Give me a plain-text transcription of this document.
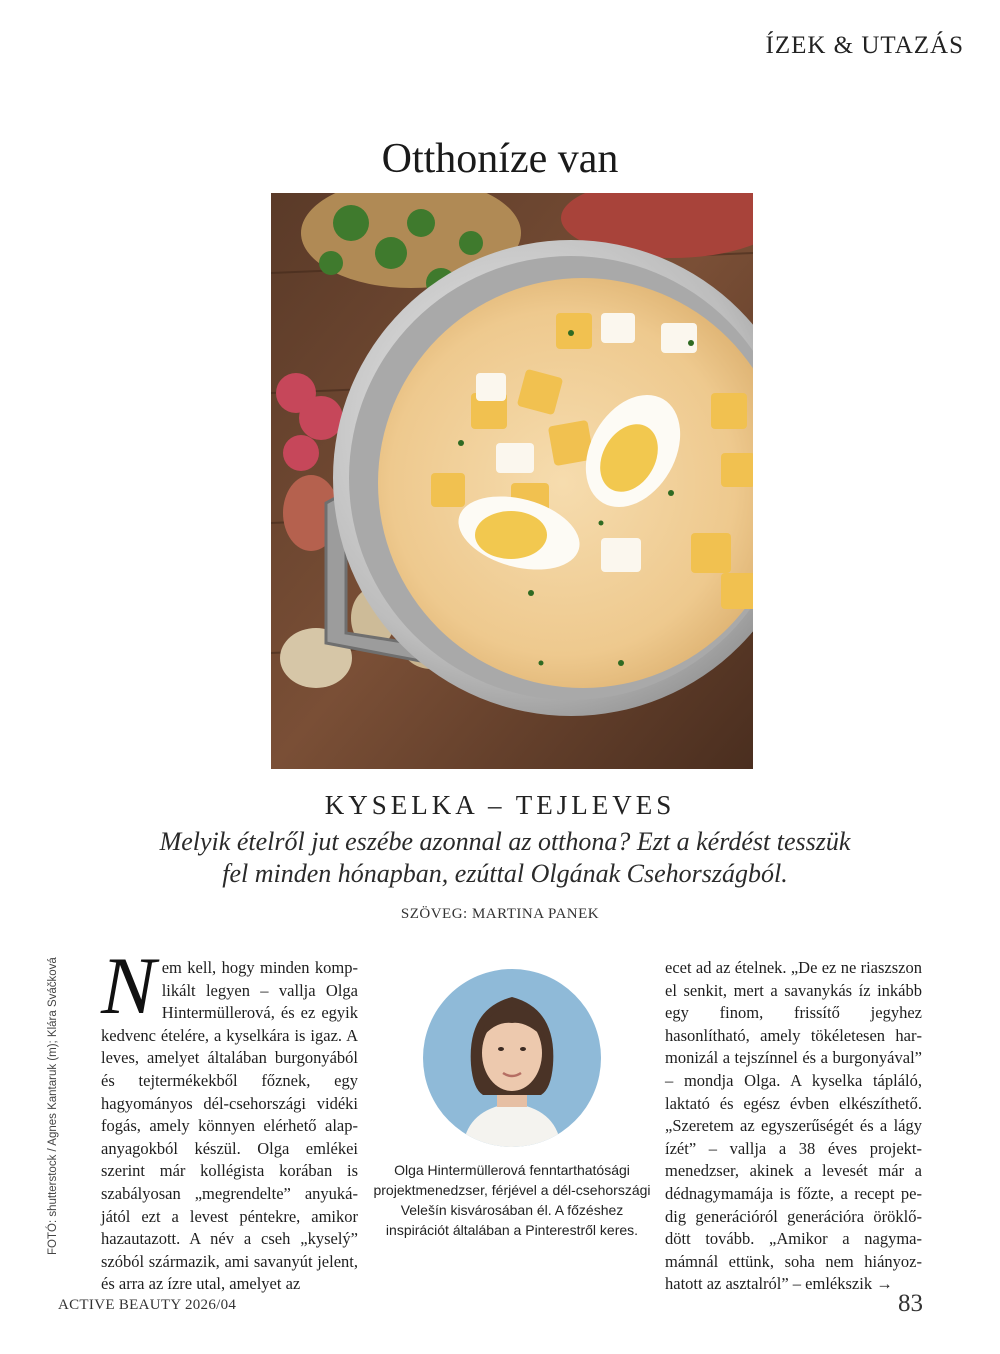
ÍZEK & UTAZÁS
Otthoníze van
KYSELKA – TEJLEVES
Melyik ételről jut eszébe azonnal az otthona? Ezt a kérdést tesszük fel minden hónapban, ezúttal Olgának Csehországból.
SZÖVEG: MARTINA PANEK
FOTÓ: shutterstock / Agnes Kantaruk (m); Klára Sváčková N em kell, hogy minden komplikált legyen – vallja Olga Hintermüllerová, és ez egyik kedvenc ételére, a kyselkára is igaz. A leves, amelyet általában burgonyából és tejtermékekből főznek, egy hagyományos dél-csehországi vidéki fogás, amely könnyen elérhető alapanyagokból készül. Olga emlékei szerint már kollégista korában is szabályosan „megrendelte” anyukájától ezt a levest péntekre, amikor hazautazott. A név a cseh „kyselý” szóból származik, ami savanyút jelent, és arra az ízre utal, amelyet az
Olga Hintermüllerová fenntarthatósági projektmenedzser, férjével a dél-csehországi Velešín kisvárosában él. A főzéshez inspirációt általában a Pinterestről keres.
ecet ad az ételnek. „De ez ne riaszszon el senkit, mert a savanykás íz inkább egy finom, frissítő jegyhez hasonlítható, amely tökéletesen harmonizál a tejszínnel és a burgonyával” – mondja Olga. A kyselka tápláló, laktató és egész évben elkészíthető. „Szeretem az egyszerűségét és a lágy ízét” – vallja a 38 éves projektmenedzser, akinek a levesét már a dédnagymamája is főzte, a recept pedig generációról generációra öröklődött tovább. „Amikor a nagymamámnál ettünk, soha nem hiányozhatott az asztalról” – emlékszik →
ACTIVE BEAUTY 2026/04	83
